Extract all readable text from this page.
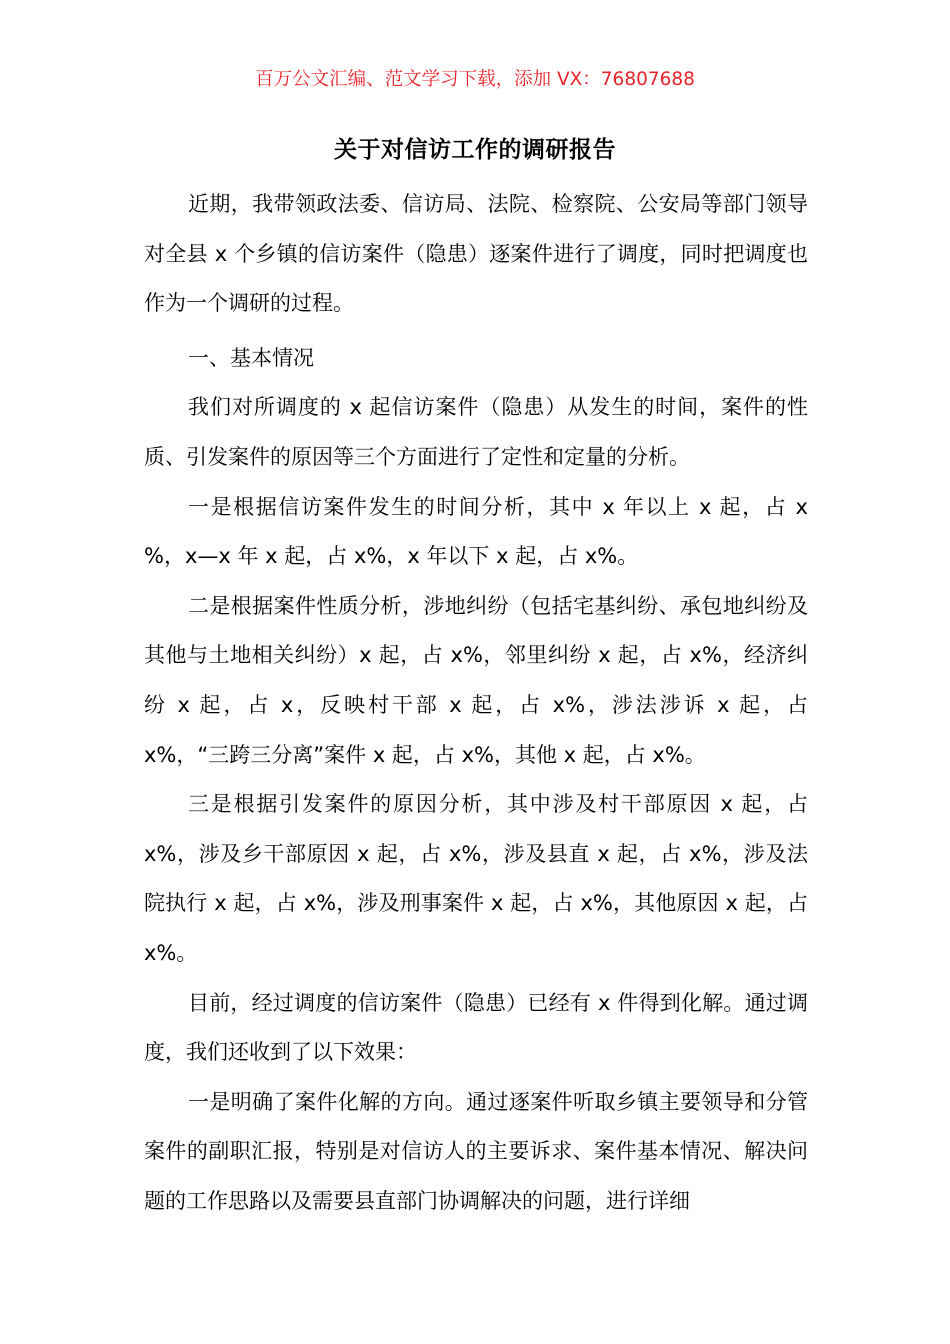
百万公文汇编、范文学习下载，添加 VX：76807688
关于对信访工作的调研报告

近期，我带领政法委、信访局、法院、检察院、公安局等部门领导对全县 x 个乡镇的信访案件（隐患）逐案件进行了调度，同时把调度也作为一个调研的过程。

一、基本情况

我们对所调度的 x 起信访案件（隐患）从发生的时间，案件的性质、引发案件的原因等三个方面进行了定性和定量的分析。

一是根据信访案件发生的时间分析，其中 x 年以上 x 起，占 x %，x—x 年 x 起，占 x%，x 年以下 x 起，占 x%。

二是根据案件性质分析，涉地纠纷（包括宅基纠纷、承包地纠纷及其他与土地相关纠纷）x 起，占 x%，邻里纠纷 x 起，占 x%，经济纠纷 x 起，占 x，反映村干部 x 起，占 x%，涉法涉诉 x 起，占 x%，“三跨三分离”案件 x 起，占 x%，其他 x 起，占 x%。

三是根据引发案件的原因分析，其中涉及村干部原因 x 起，占 x%，涉及乡干部原因 x 起，占 x%，涉及县直 x 起，占 x%，涉及法院执行 x 起，占 x%，涉及刑事案件 x 起，占 x%，其他原因 x 起，占 x%。

目前，经过调度的信访案件（隐患）已经有 x 件得到化解。通过调度，我们还收到了以下效果：

一是明确了案件化解的方向。通过逐案件听取乡镇主要领导和分管案件的副职汇报，特别是对信访人的主要诉求、案件基本情况、解决问题的工作思路以及需要县直部门协调解决的问题，进行详细
